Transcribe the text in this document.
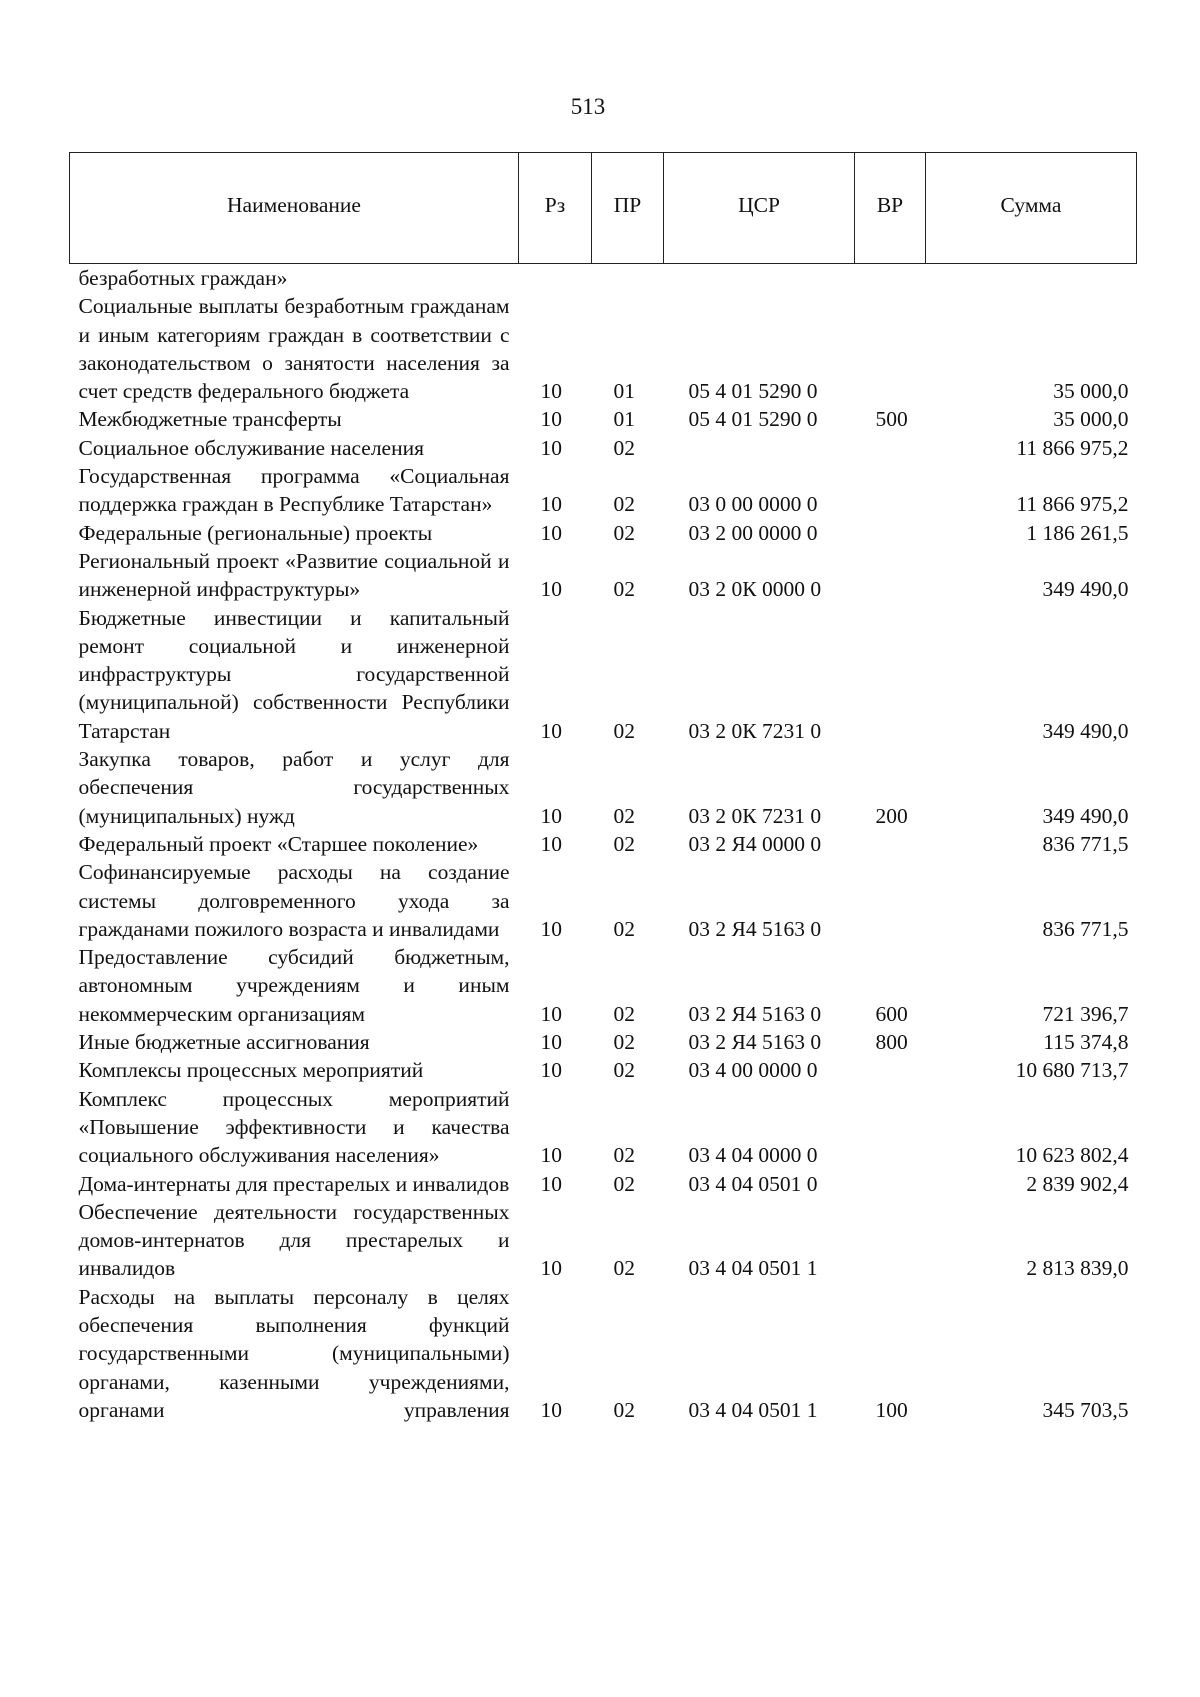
513
Наименование	Рз	ПР	ЦСР	ВР	Сумма
безработных граждан»					
Социальные выплаты безработным гражданам и иным категориям граждан в соответствии с законодательством о занятости населения за счет средств федерального бюджета	10	01	05 4 01 5290 0		35 000,0
Межбюджетные трансферты	10	01	05 4 01 5290 0	500	35 000,0
Социальное обслуживание населения	10	02			11 866 975,2
Государственная программа «Социальная поддержка граждан в Республике Татарстан»	10	02	03 0 00 0000 0		11 866 975,2
Федеральные (региональные) проекты	10	02	03 2 00 0000 0		1 186 261,5
Региональный проект «Развитие социальной и инженерной инфраструктуры»	10	02	03 2 0К 0000 0		349 490,0
Бюджетные инвестиции и капитальный ремонт социальной и инженерной инфраструктуры государственной (муниципальной) собственности Республики Татарстан	10	02	03 2 0К 7231 0		349 490,0
Закупка товаров, работ и услуг для обеспечения государственных (муниципальных) нужд	10	02	03 2 0К 7231 0	200	349 490,0
Федеральный проект «Старшее поколение»	10	02	03 2 Я4 0000 0		836 771,5
Софинансируемые расходы на создание системы долговременного ухода за гражданами пожилого возраста и инвалидами	10	02	03 2 Я4 5163 0		836 771,5
Предоставление субсидий бюджетным, автономным учреждениям и иным некоммерческим организациям	10	02	03 2 Я4 5163 0	600	721 396,7
Иные бюджетные ассигнования	10	02	03 2 Я4 5163 0	800	115 374,8
Комплексы процессных мероприятий	10	02	03 4 00 0000 0		10 680 713,7
Комплекс процессных мероприятий «Повышение эффективности и качества социального обслуживания населения»	10	02	03 4 04 0000 0		10 623 802,4
Дома-интернаты для престарелых и инвалидов	10	02	03 4 04 0501 0		2 839 902,4
Обеспечение деятельности государственных домов-интернатов для престарелых и инвалидов	10	02	03 4 04 0501 1		2 813 839,0
Расходы на выплаты персоналу в целях обеспечения выполнения функций государственными (муниципальными) органами, казенными учреждениями, органами управления	10	02	03 4 04 0501 1	100	345 703,5
